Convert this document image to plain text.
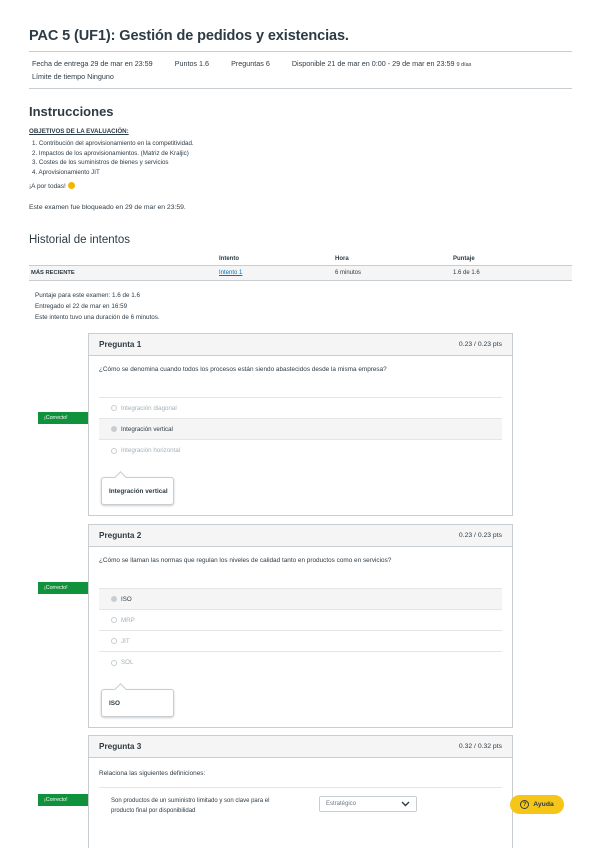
PAC 5 (UF1): Gestión de pedidos y existencias.
Fecha de entrega 29 de mar en 23:59	Puntos 1.6	Preguntas 6	Disponible 21 de mar en 0:00 - 29 de mar en 23:59 9 días
Límite de tiempo Ninguno
Instrucciones
OBJETIVOS DE LA EVALUACIÓN:
1. Contribución del aprovisionamiento en la competitividad.
2. Impactos de los aprovisionamientos. (Matriz de Kraljic)
3. Costes de los suministros de bienes y servicios
4. Aprovisionamiento JIT
¡A por todas!
Este examen fue bloqueado en 29 de mar en 23:59.
Historial de intentos
	Intento	Hora	Puntaje
MÁS RECIENTE	Intento 1	6 minutos	1.6 de 1.6
Puntaje para este examen: 1.6 de 1.6
Entregado el 22 de mar en 16:59
Este intento tuvo una duración de 6 minutos.
¡Correcto!
Pregunta 1	0.23 / 0.23 pts
¿Cómo se denomina cuando todos los procesos están siendo abastecidos desde la misma empresa?
Integración diagonal
Integración vertical
Integración horizontal
Integración vertical
¡Correcto!
Pregunta 2	0.23 / 0.23 pts
¿Cómo se llaman las normas que regulan los niveles de calidad tanto en productos como en servicios?
ISO
MRP
JIT
SOL
ISO
¡Correcto!
Pregunta 3	0.32 / 0.32 pts
Relaciona las siguientes definiciones:
Son productos de un suministro limitado y son clave para el producto final por disponibilidad
Estratégico	? Ayuda
